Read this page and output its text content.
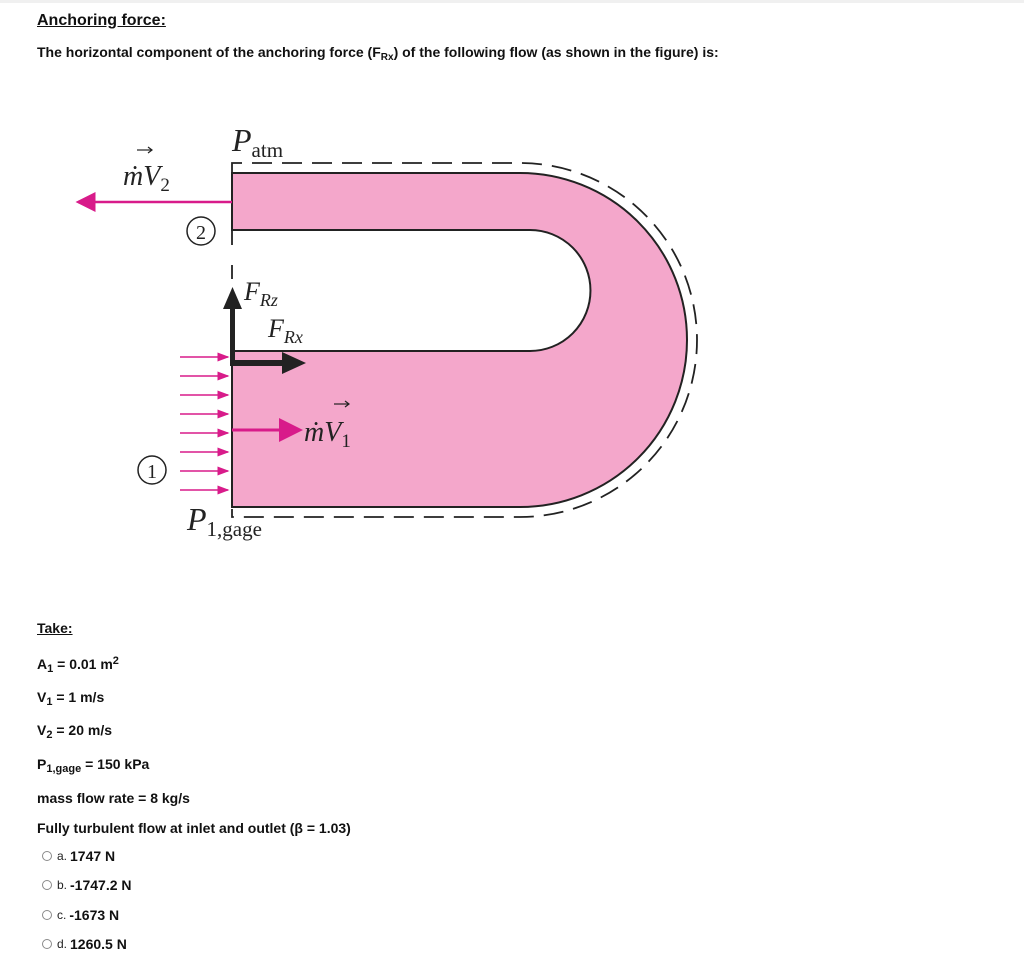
Anchoring force:

The horizontal component of the anchoring force $(F_{Rx})$ of the following flow (as shown in the figure) is:

2
1
Patm
ṁV$_2$
$F_{Rz}$
$F_{Rx}$
ṁV$_1$
P1,gage
Take:

$A_1 = 0.01$ $m^2$

$V_1 = 1$ m/s

$V_2 = 20$ m/s

$P_{1,gage} = 150$ kPa

mass flow rate = 8 kg/s

Fully turbulent flow at inlet and outlet (β = 1.03)

a. 1747 N
b. -1747.2 N
c. -1673 N
d. 1260.5 N
